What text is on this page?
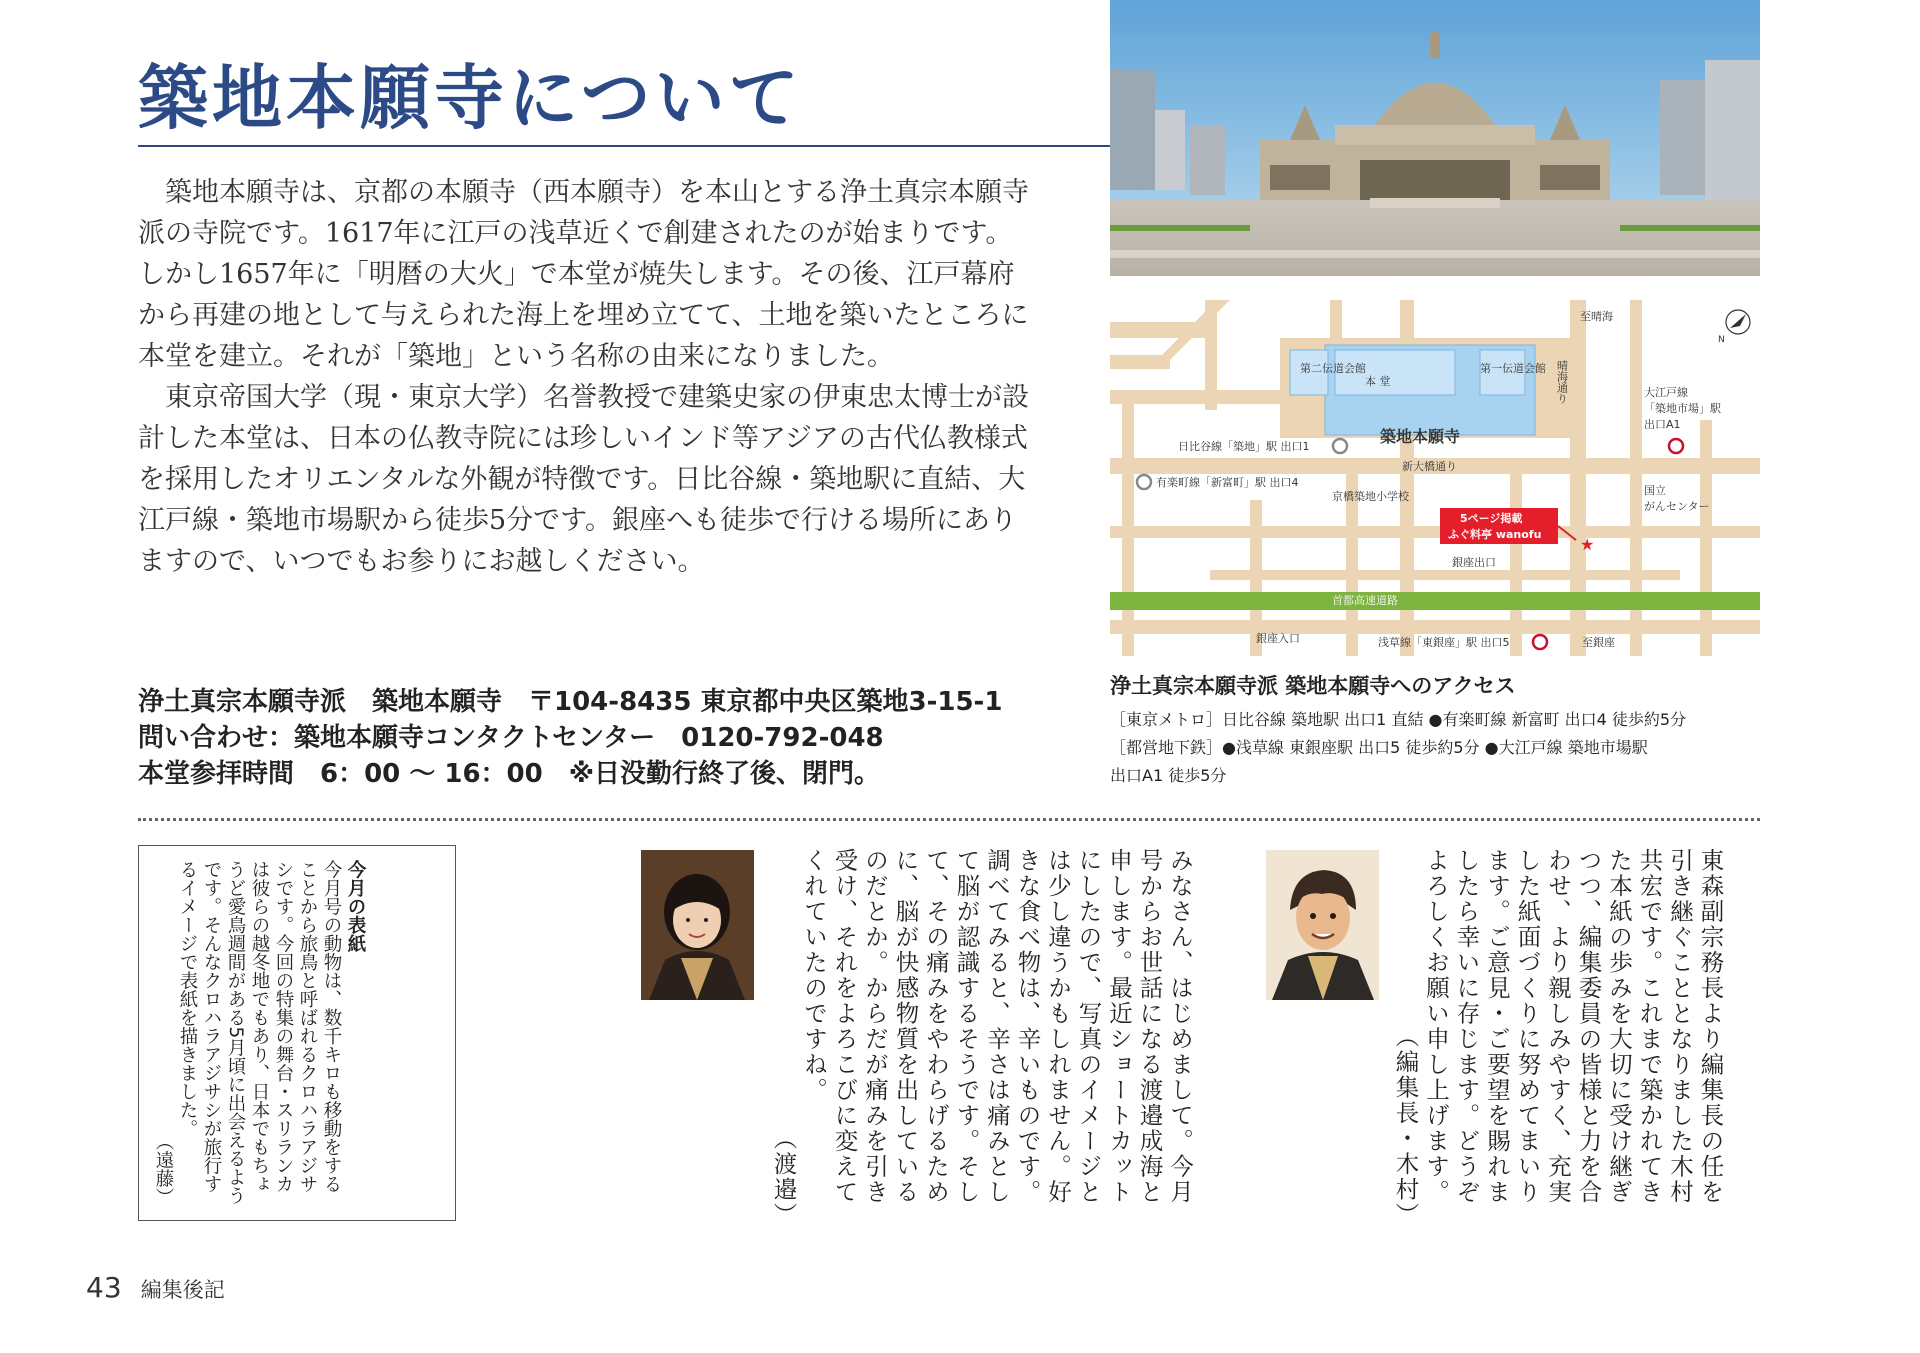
築地本願寺について

築地本願寺は、京都の本願寺（西本願寺）を本山とする浄土真宗本願寺派の寺院です。1617年に江戸の浅草近くで創建されたのが始まりです。しかし1657年に「明暦の大火」で本堂が焼失します。その後、江戸幕府から再建の地として与えられた海上を埋め立てて、土地を築いたところに本堂を建立。それが「築地」という名称の由来になりました。

東京帝国大学（現・東京大学）名誉教授で建築史家の伊東忠太博士が設計した本堂は、日本の仏教寺院には珍しいインド等アジアの古代仏教様式を採用したオリエンタルな外観が特徴です。日比谷線・築地駅に直結、大江戸線・築地市場駅から徒歩5分です。銀座へも徒歩で行ける場所にありますので、いつでもお参りにお越しください。

浄土真宗本願寺派　築地本願寺　〒104-8435 東京都中央区築地3-15-1
問い合わせ：築地本願寺コンタクトセンター　0120-792-048
本堂参拝時間　6：00 ～ 16：00　※日没勤行終了後、閉門。
第二伝道会館
本 堂
第一伝道会館
築地本願寺
至晴海
晴海通り
N
日比谷線「築地」駅 出口1
新大橋通り
有楽町線「新富町」駅 出口4
京橋築地小学校
5ページ掲載
ふぐ料亭 wanofu
★
銀座出口
大江戸線
「築地市場」駅
出口A1
国立
がんセンター
首都高速道路
銀座入口	浅草線「東銀座」駅 出口5	至銀座
浄土真宗本願寺派 築地本願寺へのアクセス
［東京メトロ］日比谷線 築地駅 出口1 直結 ●有楽町線 新富町 出口4 徒歩約5分
［都営地下鉄］●浅草線 東銀座駅 出口5 徒歩約5分 ●大江戸線 築地市場駅
出口A1 徒歩5分
今月の表紙
今月号の動物は、数千キロも移動をすることから旅鳥と呼ばれるクロハラアジサシです。今回の特集の舞台・スリランカは彼らの越冬地でもあり、日本でもちょうど愛鳥週間がある5月頃に出会えるようです。そんなクロハラアジサシが旅行するイメージで表紙を描きました。
（遠藤）	みなさん、はじめまして。今月号からお世話になる渡邉成海と申します。最近ショートカットにしたので、写真のイメージとは少し違うかもしれません。好きな食べ物は、辛いものです。調べてみると、辛さは痛みとして脳が認識するそうです。そして、その痛みをやわらげるために、脳が快感物質を出しているのだとか。からだが痛みを引き受け、それをよろこびに変えてくれていたのですね。
（渡邉）	東森副宗務長より編集長の任を引き継ぐこととなりました木村共宏です。これまで築かれてきた本紙の歩みを大切に受け継ぎつつ、編集委員の皆様と力を合わせ、より親しみやすく、充実した紙面づくりに努めてまいります。ご意見・ご要望を賜れましたら幸いに存じます。どうぞよろしくお願い申し上げます。
（編集長・木村）
43 編集後記
